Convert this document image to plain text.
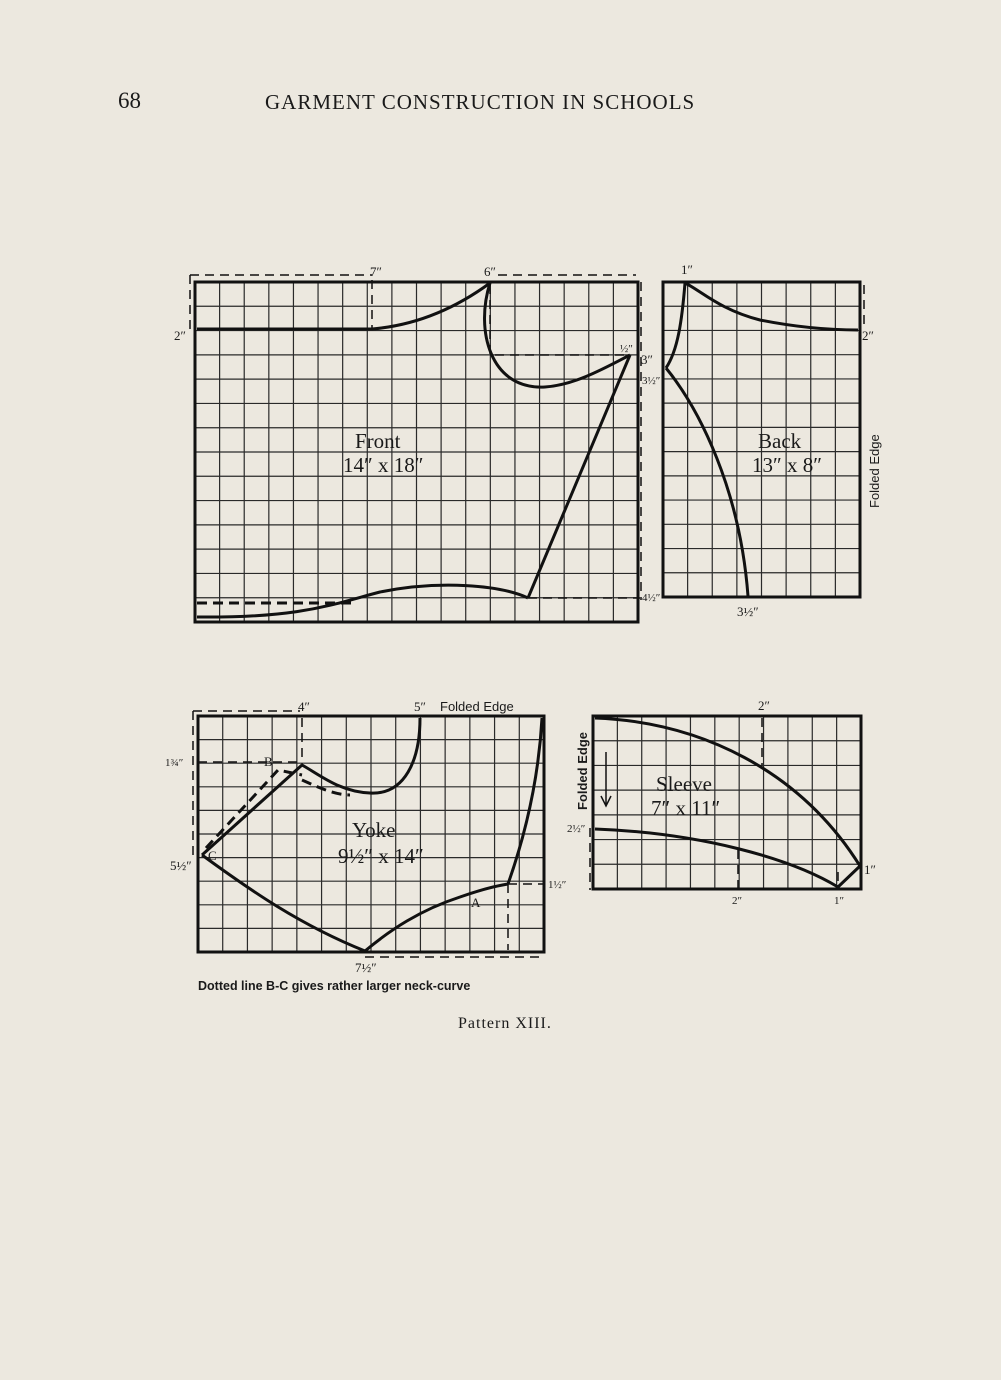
68	GARMENT CONSTRUCTION IN SCHOOLS
Front
14″ x 18″
7″	6″
2″
½″
3″
3½″
4½″
Back
13″ x 8″
1″
2″
3½″
Folded Edge
Yoke
9½″ x 14″
4″	5″ Folded Edge
1¾″
5½″
1½″
7½″
A
B
C
Sleeve
7″ x 11″
2″
2½″
1″
2″	1″
Folded Edge
Dotted line B-C gives rather larger neck-curve
Pattern XIII.
